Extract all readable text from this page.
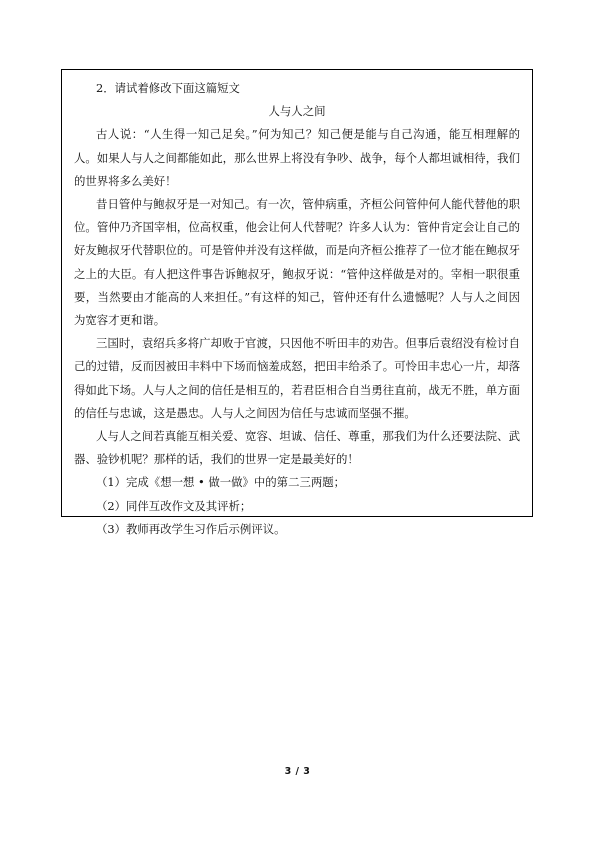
2．请试着修改下面这篇短文

人与人之间

古人说：“人生得一知己足矣。”何为知己？知己便是能与自己沟通，能互相理解的

人。如果人与人之间都能如此，那么世界上将没有争吵、战争，每个人都坦诚相待，我们

的世界将多么美好！

昔日管仲与鲍叔牙是一对知己。有一次，管仲病重，齐桓公问管仲何人能代替他的职

位。管仲乃齐国宰相，位高权重，他会让何人代替呢？许多人认为：管仲肯定会让自己的

好友鲍叔牙代替职位的。可是管仲并没有这样做，而是向齐桓公推荐了一位才能在鲍叔牙

之上的大臣。有人把这件事告诉鲍叔牙，鲍叔牙说：“管仲这样做是对的。宰相一职很重

要，当然要由才能高的人来担任。”有这样的知己，管仲还有什么遗憾呢？人与人之间因

为宽容才更和谐。

三国时，袁绍兵多将广却败于官渡，只因他不听田丰的劝告。但事后袁绍没有检讨自

己的过错，反而因被田丰料中下场而恼羞成怒，把田丰给杀了。可怜田丰忠心一片，却落

得如此下场。人与人之间的信任是相互的，若君臣相合自当勇往直前，战无不胜，单方面

的信任与忠诚，这是愚忠。人与人之间因为信任与忠诚而坚强不摧。

人与人之间若真能互相关爱、宽容、坦诚、信任、尊重，那我们为什么还要法院、武

器、验钞机呢？那样的话，我们的世界一定是最美好的！

（1）完成《想一想 • 做一做》中的第二三两题；

（2）同伴互改作文及其评析；

（3）教师再改学生习作后示例评议。

3 / 3
